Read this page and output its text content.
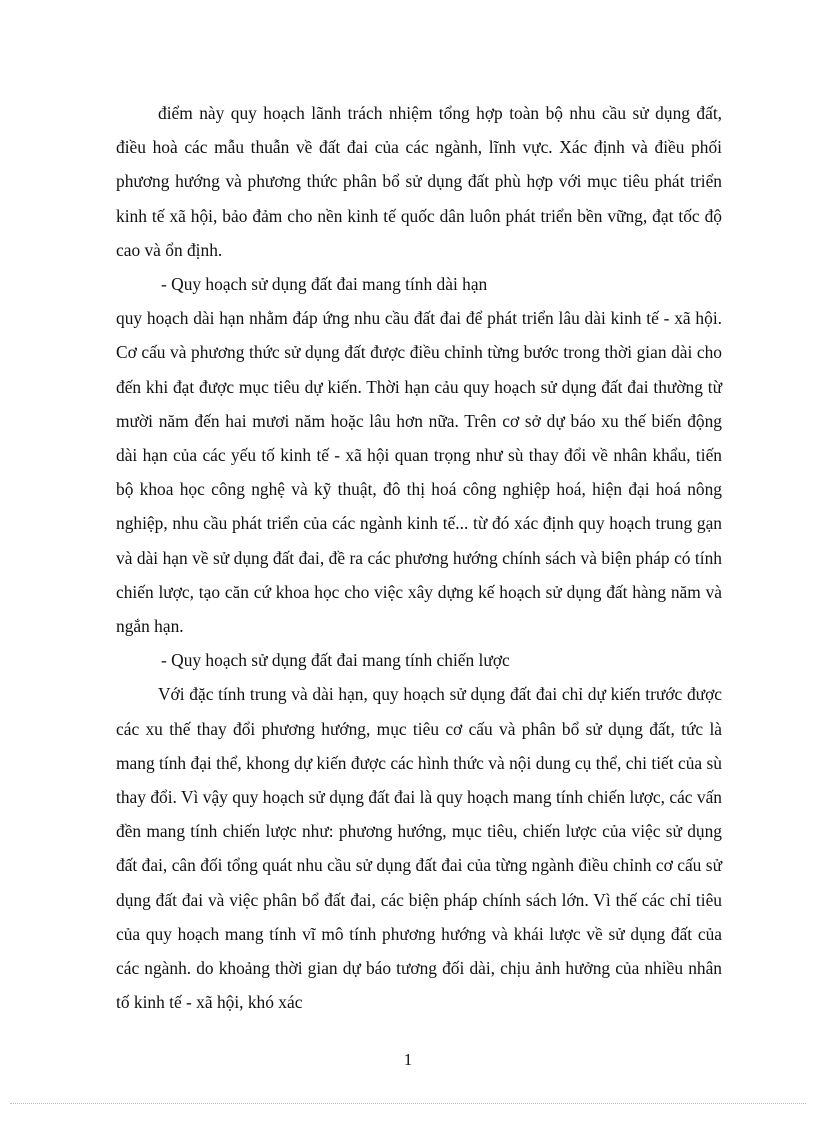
điểm này quy hoạch lãnh trách nhiệm tổng hợp toàn bộ nhu cầu sử dụng đất, điều hoà các mẫu thuẫn về đất đai của các ngành, lĩnh vực. Xác định và điều phối phương hướng và phương thức phân bổ sử dụng đất phù hợp với mục tiêu phát triển kinh tế xã hội, bảo đảm cho nền kinh tế quốc dân luôn phát triển bền vững, đạt tốc độ cao và ổn định.

- Quy hoạch sử dụng đất đai mang tính dài hạn

quy hoạch dài hạn nhằm đáp ứng nhu cầu đất đai để phát triển lâu dài kinh tế - xã hội. Cơ cấu và phương thức sử dụng đất được điều chỉnh từng bước trong thời gian dài cho đến khi đạt được mục tiêu dự kiến. Thời hạn cảu quy hoạch sử dụng đất đai thường từ mười năm đến hai mươi năm hoặc lâu hơn nữa. Trên cơ sở dự báo xu thế biến động dài hạn của các yếu tố kinh tế - xã hội quan trọng như sù thay đổi về nhân khẩu, tiến bộ khoa học công nghệ và kỹ thuật, đô thị hoá công nghiệp hoá, hiện đại hoá nông nghiệp, nhu cầu phát triển của các ngành kinh tế... từ đó xác định quy hoạch trung gạn và dài hạn về sử dụng đất đai, đề ra các phương hướng chính sách và biện pháp có tính chiến lược, tạo căn cứ khoa học cho việc xây dựng kế hoạch sử dụng đất hàng năm và ngắn hạn.

- Quy hoạch sử dụng đất đai mang tính chiến lược

Với đặc tính trung và dài hạn, quy hoạch sử dụng đất đai chỉ dự kiến trước được các xu thế thay đổi phương hướng, mục tiêu cơ cấu và phân bổ sử dụng đất, tức là mang tính đại thể, khong dự kiến được các hình thức và nội dung cụ thể, chi tiết của sù thay đổi. Vì vậy quy hoạch sử dụng đất đai là quy hoạch mang tính chiến lược, các vấn đền mang tính chiến lược như: phương hướng, mục tiêu, chiến lược của việc sử dụng đất đai, cân đối tổng quát nhu cầu sử dụng đất đai của từng ngành điều chỉnh cơ cấu sử dụng đất đai và việc phân bổ đất đai, các biện pháp chính sách lớn. Vì thế các chỉ tiêu của quy hoạch mang tính vĩ mô tính phương hướng và khái lược về sử dụng đất của các ngành. do khoảng thời gian dự báo tương đối dài, chịu ảnh hưởng của nhiều nhân tố kinh tế - xã hội, khó xác

1
